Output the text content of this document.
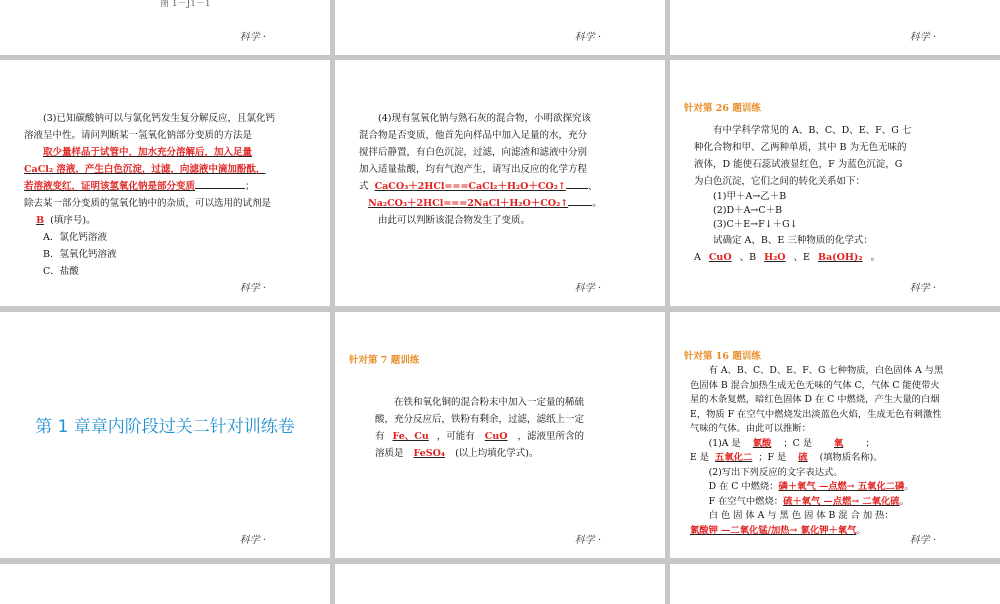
图 1－J1－1
科学 ·	科学 ·	科学 ·
(3)已知碳酸钠可以与氯化钙发生复分解反应，且氯化钙
溶液呈中性。请问判断某一氢氧化钠部分变质的方法是
取少量样品于试管中，加水充分溶解后，加入足量
CaCl₂ 溶液，产生白色沉淀，过滤，向滤液中滴加酚酞，
若溶液变红，证明该氢氧化钠是部分变质	；
除去某一部分变质的氢氧化钠中的杂质，可以选用的试剂是
B (填序号)。
A．氯化钙溶液
B．氢氧化钙溶液
C．盐酸
科学 ·
(4)现有氢氧化钠与熟石灰的混合物，小明欲探究该
混合物是否变质，他首先向样品中加入足量的水，充分
搅拌后静置，有白色沉淀，过滤，向滤渣和滤液中分别
加入适量盐酸，均有气泡产生，请写出反应的化学方程
式 CaCO₃＋2HCl===CaCl₂＋H₂O＋CO₂↑ 、
Na₂CO₃＋2HCl===2NaCl＋H₂O＋CO₂↑	。
由此可以判断该混合物发生了变质。
科学 ·
针对第 26 题训练
有中学科学常见的 A、B、C、D、E、F、G 七
种化合物和甲、乙两种单质，其中 B 为无色无味的
液体，D 能使石蕊试液显红色，F 为蓝色沉淀，G
为白色沉淀，它们之间的转化关系如下：
(1)甲＋A→乙＋B
(2)D＋A→C＋B
(3)C＋E→F↓＋G↓
试确定 A、B、E 三种物质的化学式：
A CuO 、B H₂O 、E Ba(OH)₂ 。
科学 ·
第 1 章章内阶段过关二针对训练卷
科学 ·
针对第 7 题训练
在铁和氧化铜的混合粉末中加入一定量的稀硫
酸，充分反应后，铁粉有剩余，过滤，滤纸上一定
有 Fe、Cu ，可能有 CuO ，滤液里所含的
溶质是 FeSO₄ (以上均填化学式)。
科学 ·
针对第 16 题训练
有 A、B、C、D、E、F、G 七种物质，白色固体 A 与黑
色固体 B 混合加热生成无色无味的气体 C，气体 C 能使带火
星的木条复燃，暗红色固体 D 在 C 中燃烧，产生大量的白烟
E，物质 F 在空气中燃烧发出淡蓝色火焰，生成无色有刺激性
气味的气体。由此可以推断：
(1)A 是 氯酸 ；C 是 氧 ；
E 是 五氧化二 ；F 是 硫 (填物质名称)。
(2)写出下列反应的文字表达式。
D 在 C 中燃烧：磷＋氧气 —点燃→ 五氧化二磷。
F 在空气中燃烧：硫＋氧气 —点燃→ 二氧化硫。
白 色 固 体 A 与 黑 色 固 体 B 混 合 加 热：
氯酸钾 —二氧化锰/加热→ 氯化钾＋氧气。
科学 ·
